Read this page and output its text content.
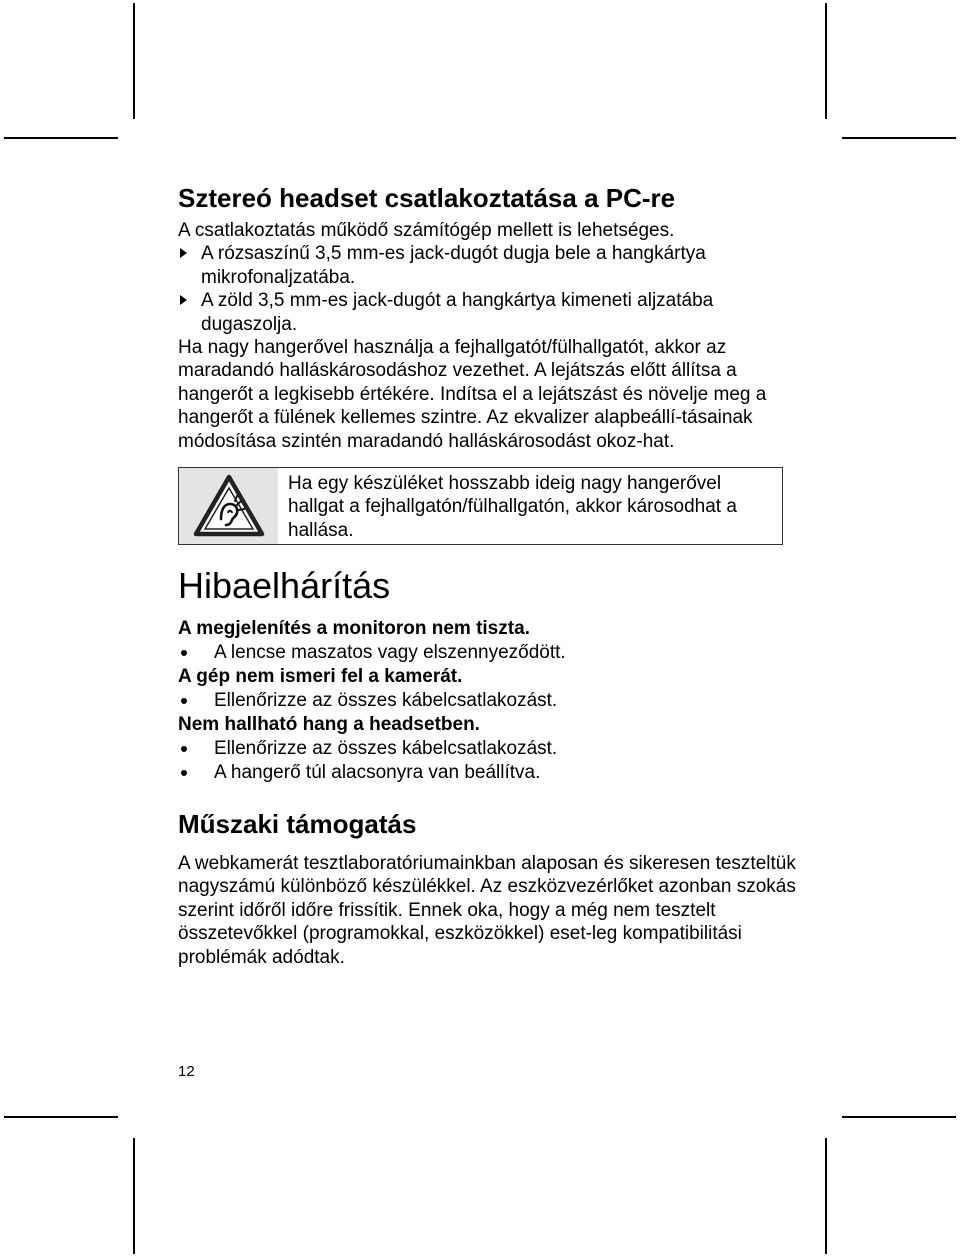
Sztereó headset csatlakoztatása a PC-re

A csatlakoztatás működő számítógép mellett is lehetséges.

A rózsaszínű 3,5 mm-es jack-dugót dugja bele a hangkártya mikrofonaljzatába.
A zöld 3,5 mm-es jack-dugót a hangkártya kimeneti aljzatába dugaszolja.

Ha nagy hangerővel használja a fejhallgatót/fülhallgatót, akkor az maradandó halláskárosodáshoz vezethet. A lejátszás előtt állítsa a hangerőt a legkisebb értékére. Indítsa el a lejátszást és növelje meg a hangerőt a fülének kellemes szintre. Az ekvalizer alapbeállí-tásainak módosítása szintén maradandó halláskárosodást okoz-hat.

Ha egy készüléket hosszabb ideig nagy hangerővel hallgat a fejhallgatón/fülhallgatón, akkor károsodhat a hallása.
Hibaelhárítás
A megjelenítés a monitoron nem tiszta.
A lencse maszatos vagy elszennyeződött.
A gép nem ismeri fel a kamerát.
Ellenőrizze az összes kábelcsatlakozást.
Nem hallható hang a headsetben.
Ellenőrizze az összes kábelcsatlakozást.
A hangerő túl alacsonyra van beállítva.
Műszaki támogatás

A webkamerát tesztlaboratóriumainkban alaposan és sikeresen teszteltük nagyszámú különböző készülékkel. Az eszközvezérlőket azonban szokás szerint időről időre frissítik. Ennek oka, hogy a még nem tesztelt összetevőkkel (programokkal, eszközökkel) eset-leg kompatibilitási problémák adódtak.

12
